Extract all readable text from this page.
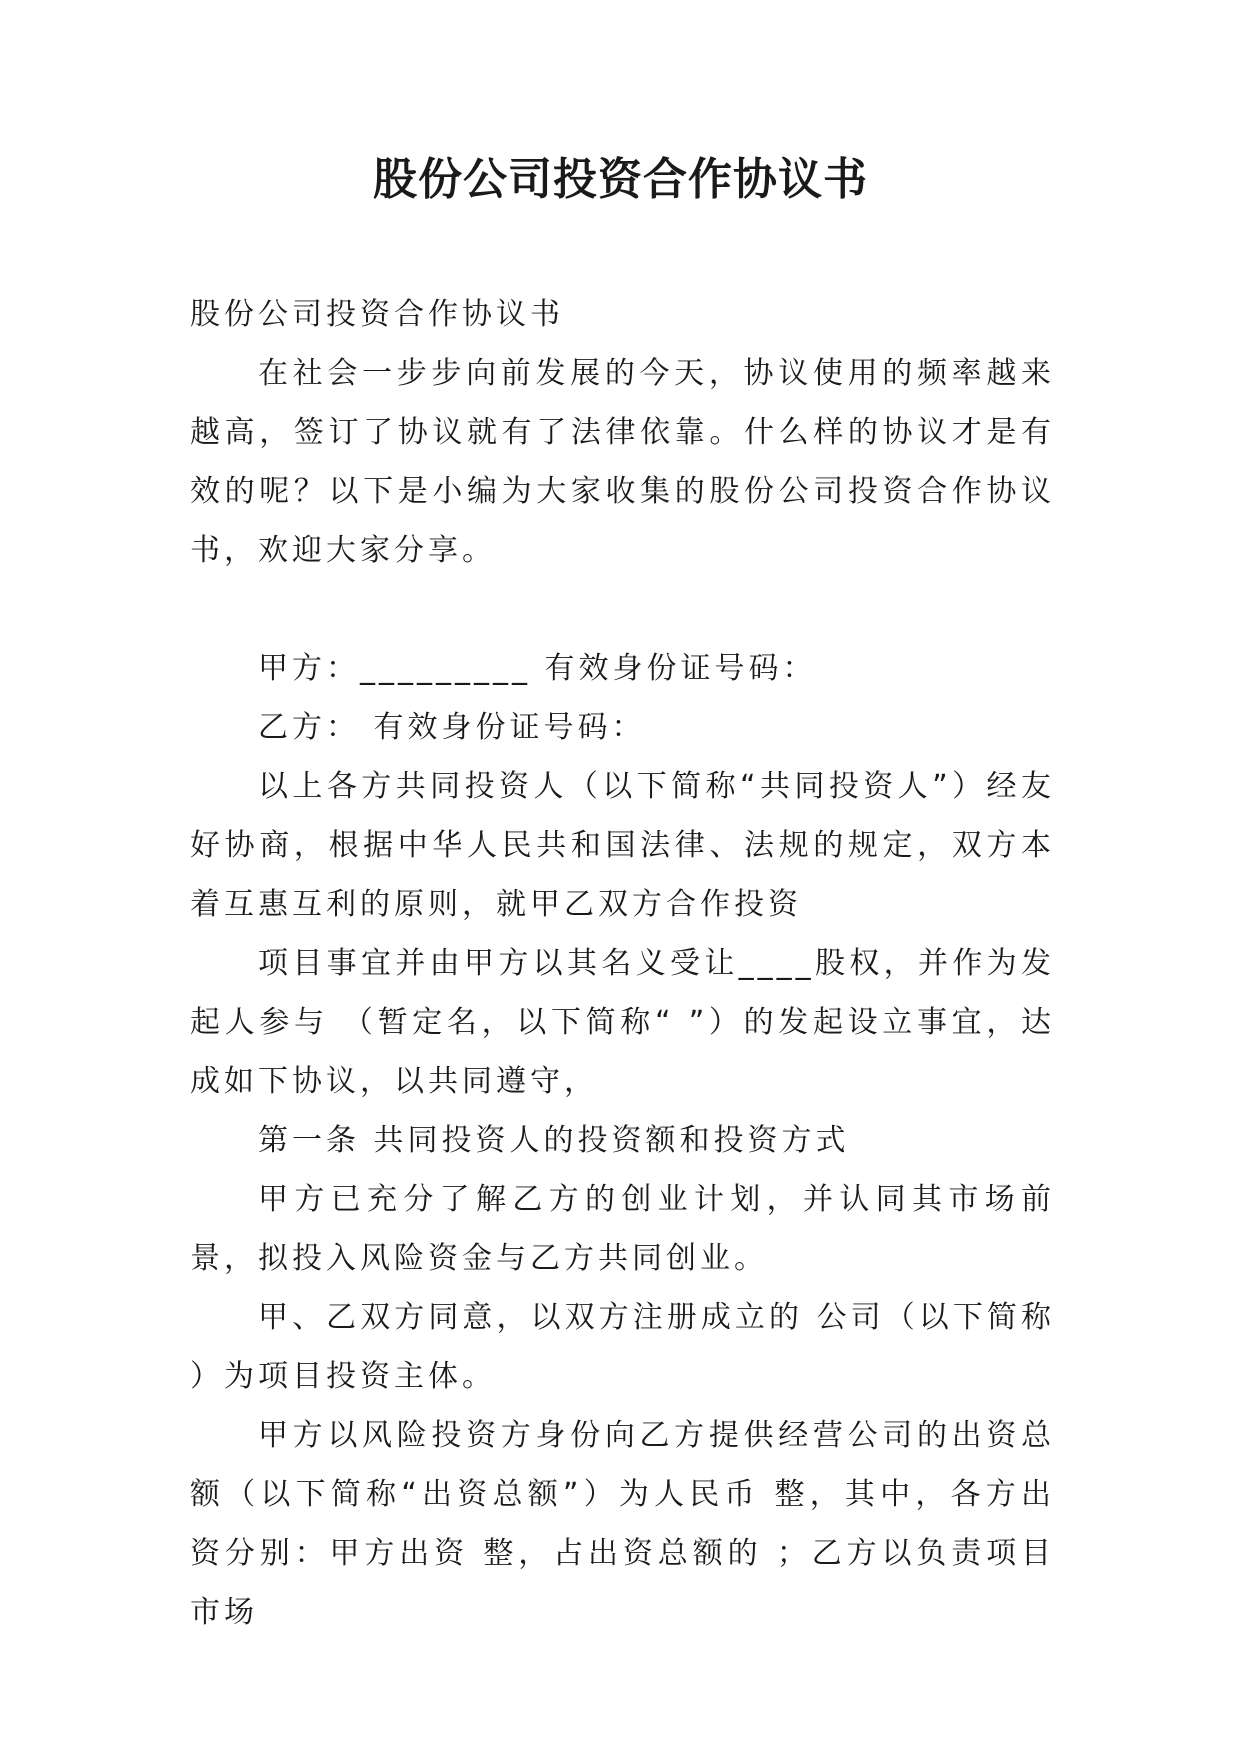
股份公司投资合作协议书

股份公司投资合作协议书

在社会一步步向前发展的今天，协议使用的频率越来越高，签订了协议就有了法律依靠。什么样的协议才是有效的呢？以下是小编为大家收集的股份公司投资合作协议书，欢迎大家分享。

甲方：_________ 有效身份证号码：

乙方： 有效身份证号码：

以上各方共同投资人（以下简称“共同投资人”）经友好协商，根据中华人民共和国法律、法规的规定，双方本着互惠互利的原则，就甲乙双方合作投资

项目事宜并由甲方以其名义受让____股权，并作为发起人参与 （暂定名，以下简称“ ”）的发起设立事宜，达成如下协议，以共同遵守，

第一条 共同投资人的投资额和投资方式

甲方已充分了解乙方的创业计划，并认同其市场前景，拟投入风险资金与乙方共同创业。

甲、乙双方同意，以双方注册成立的 公司（以下简称 ）为项目投资主体。

甲方以风险投资方身份向乙方提供经营公司的出资总额（以下简称“出资总额”）为人民币 整，其中，各方出资分别：甲方出资 整，占出资总额的 ；乙方以负责项目市场
